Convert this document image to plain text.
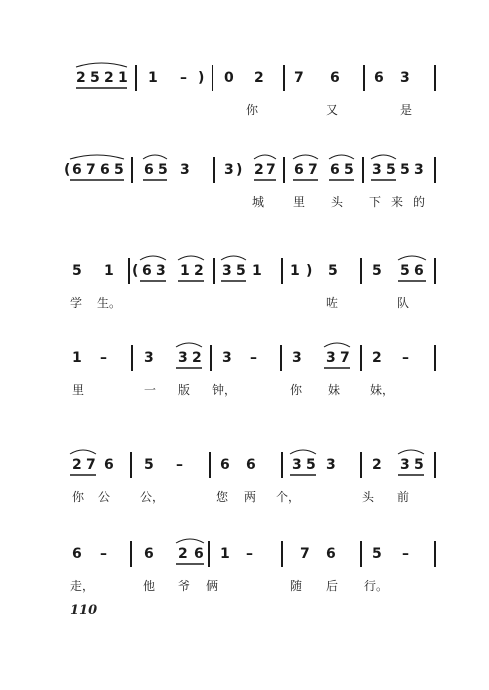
2 5 2 1 1 – ) 0 2 7 6 6 3
你	又	是
( 6 7 6 5 6 5 3 3 ) 2 7 6 7 6 5 3 5 5 3
城 里 头 下 来 的
5 1 ( 6 3 1 2 3 5 1 1 ) 5 5 5 6
学 生。	咗	队
1 –	3 3 2 3 –	3 3 7 2 –
里	一 版 钟，	你 妹 妹，
2 7 6 5 –	6 6	3 5 3	2 3 5
你 公 公，	您 两 个，	头 前
6 –	6 2 6 1 –	7 6	5 –
走，	他 爷 俩	随 后 行。
110
